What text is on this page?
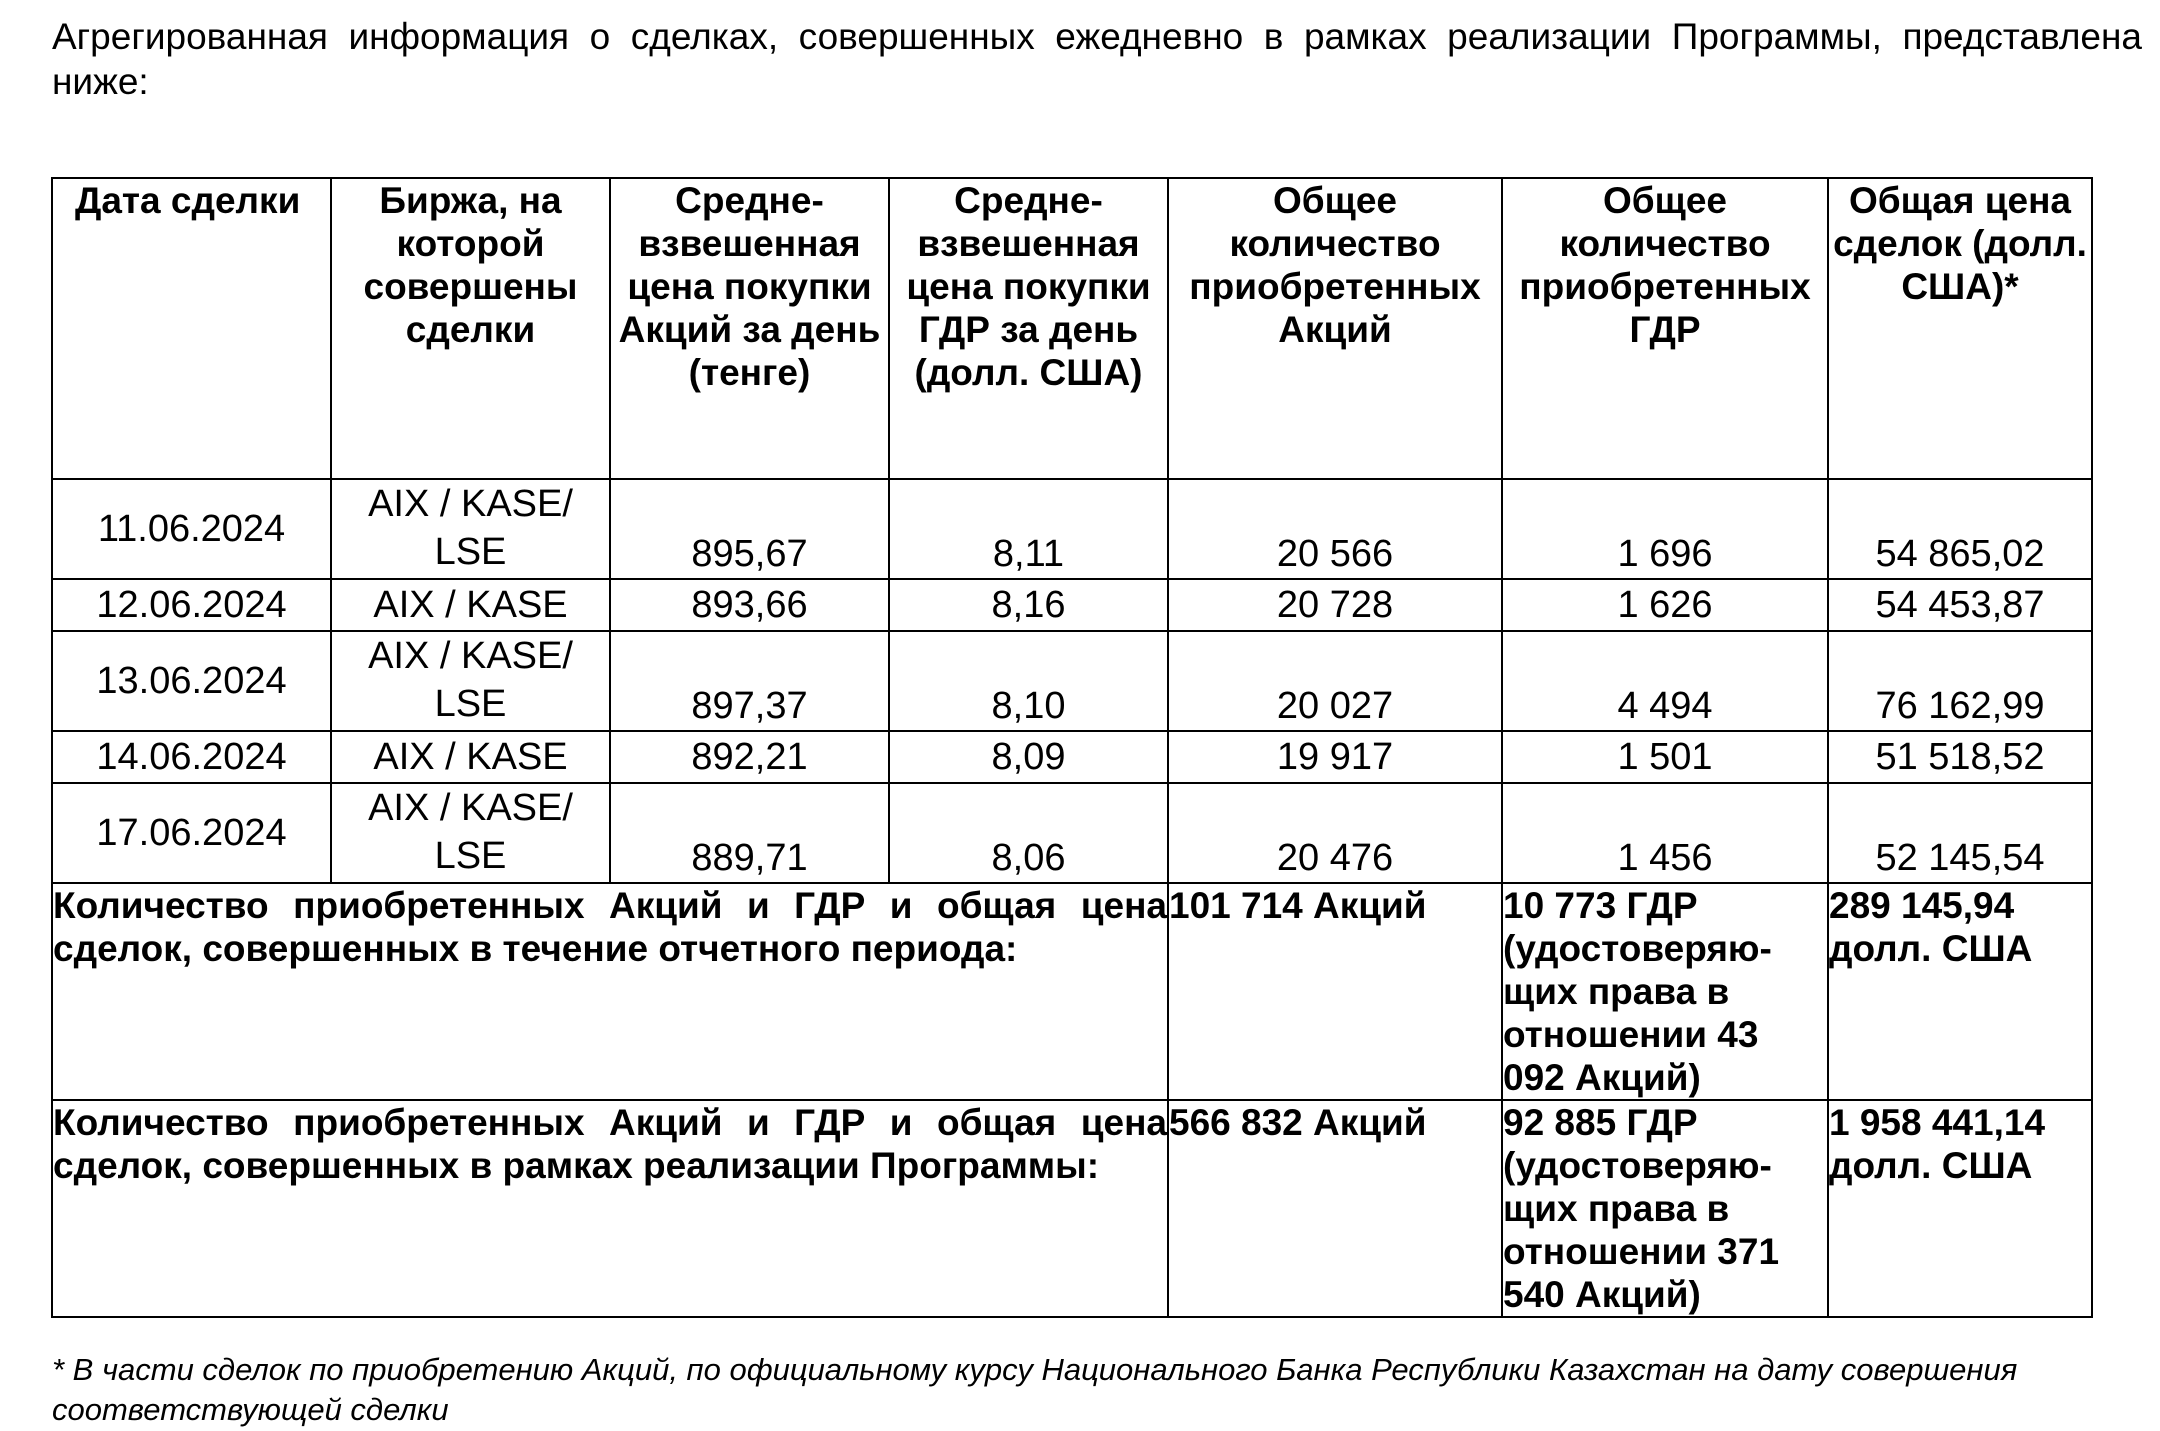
Агрегированная информация о сделках, совершенных ежедневно в рамках реализации Программы, представлена ниже:

Дата сделки	Биржа, на которой совершены сделки	Средне-взвешенная цена покупки Акций за день (тенге)	Средне-взвешенная цена покупки ГДР за день (долл. США)	Общее количество приобретенных Акций	Общее количество приобретенных ГДР	Общая цена сделок (долл. США)*
11.06.2024	AIX / KASE/ LSE	895,67	8,11	20 566	1 696	54 865,02
12.06.2024	AIX / KASE	893,66	8,16	20 728	1 626	54 453,87
13.06.2024	AIX / KASE/ LSE	897,37	8,10	20 027	4 494	76 162,99
14.06.2024	AIX / KASE	892,21	8,09	19 917	1 501	51 518,52
17.06.2024	AIX / KASE/ LSE	889,71	8,06	20 476	1 456	52 145,54
Количество приобретенных Акций и ГДР и общая цена сделок, совершенных в течение отчетного периода:				101 714 Акций	10 773 ГДР (удостоверяю-щих права в отношении 43 092 Акций)	289 145,94 долл. США
Количество приобретенных Акций и ГДР и общая цена сделок, совершенных в рамках реализации Программы:				566 832 Акций	92 885 ГДР (удостоверяю-щих права в отношении 371 540 Акций)	1 958 441,14 долл. США

* В части сделок по приобретению Акций, по официальному курсу Национального Банка Республики Казахстан на дату совершения соответствующей сделки
